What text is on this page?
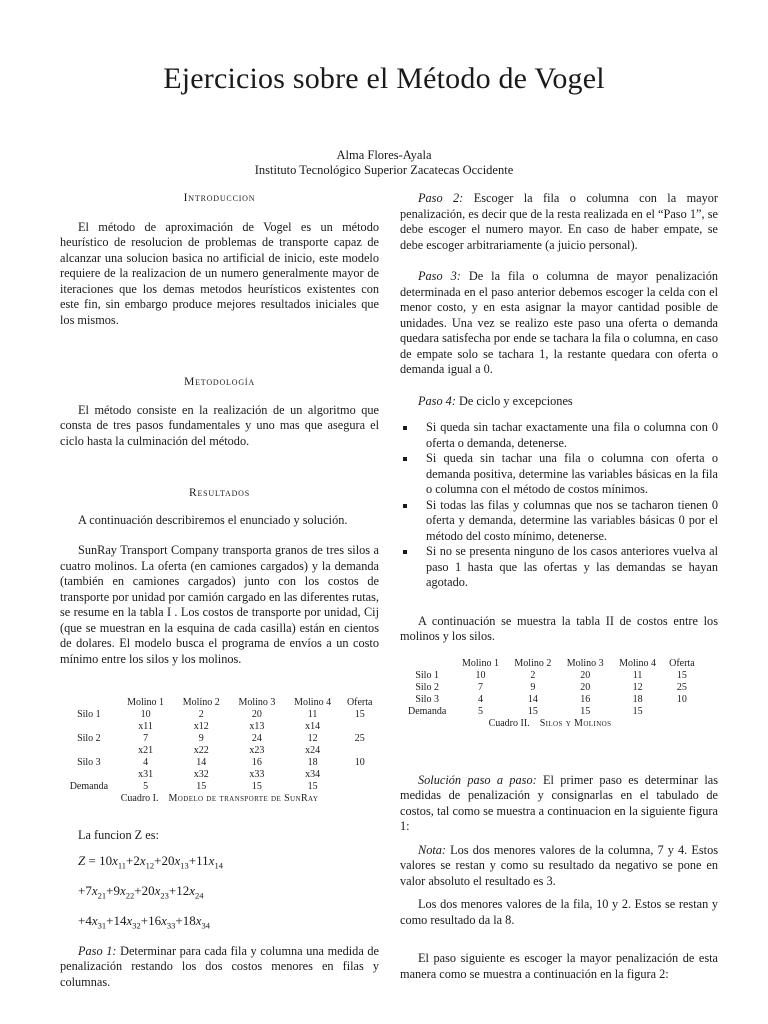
Ejercicios sobre el Método de Vogel
Alma Flores-Ayala
Instituto Tecnológico Superior Zacatecas Occidente
Introduccion

El método de aproximación de Vogel es un método heurístico de resolucion de problemas de transporte capaz de alcanzar una solucion basica no artificial de inicio, este modelo requiere de la realizacion de un numero generalmente mayor de iteraciones que los demas metodos heurísticos existentes con este fin, sin embargo produce mejores resultados iniciales que los mismos.

Metodología

El método consiste en la realización de un algoritmo que consta de tres pasos fundamentales y uno mas que asegura el ciclo hasta la culminación del método.

Resultados

A continuación describiremos el enunciado y solución.

SunRay Transport Company transporta granos de tres silos a cuatro molinos. La oferta (en camiones cargados) y la demanda (también en camiones cargados) junto con los costos de transporte por unidad por camión cargado en las diferentes rutas, se resume en la tabla I . Los costos de transporte por unidad, Cij (que se muestran en la esquina de cada casilla) están en cientos de dolares. El modelo busca el programa de envíos a un costo mínimo entre los silos y los molinos.

	Molino 1	Molino 2	Molino 3	Molino 4	Oferta
Silo 1	10	2	20	11	15
	x11	x12	x13	x14	
Silo 2	7	9	24	12	25
	x21	x22	x23	x24	
Silo 3	4	14	16	18	10
	x31	x32	x33	x34	
Demanda	5	15	15	15	
Cuadro I. Modelo de transporte de SunRay

La funcion Z es:

$Z = 10x_{11}+2x_{12}+20x_{13}+11x_{14}$
$+7x_{21}+9x_{22}+20x_{23}+12x_{24}$
$+4x_{31}+14x_{32}+16x_{33}+18x_{34}$

Paso 1: Determinar para cada fila y columna una medida de penalización restando los dos costos menores en filas y columnas.

Paso 2: Escoger la fila o columna con la mayor penalización, es decir que de la resta realizada en el “Paso 1”, se debe escoger el numero mayor. En caso de haber empate, se debe escoger arbitrariamente (a juicio personal).

Paso 3: De la fila o columna de mayor penalización determinada en el paso anterior debemos escoger la celda con el menor costo, y en esta asignar la mayor cantidad posible de unidades. Una vez se realizo este paso una oferta o demanda quedara satisfecha por ende se tachara la fila o columna, en caso de empate solo se tachara 1, la restante quedara con oferta o demanda igual a 0.

Paso 4: De ciclo y excepciones

Si queda sin tachar exactamente una fila o columna con 0 oferta o demanda, detenerse.
Si queda sin tachar una fila o columna con oferta o demanda positiva, determine las variables básicas en la fila o columna con el método de costos mínimos.
Si todas las filas y columnas que nos se tacharon tienen 0 oferta y demanda, determine las variables básicas 0 por el método del costo mínimo, detenerse.
Si no se presenta ninguno de los casos anteriores vuelva al paso 1 hasta que las ofertas y las demandas se hayan agotado.

A continuación se muestra la tabla II de costos entre los molinos y los silos.

	Molino 1	Molino 2	Molino 3	Molino 4	Oferta
Silo 1	10	2	20	11	15
Silo 2	7	9	20	12	25
Silo 3	4	14	16	18	10
Demanda	5	15	15	15	
Cuadro II. Silos y Molinos

Solución paso a paso: El primer paso es determinar las medidas de penalización y consignarlas en el tabulado de costos, tal como se muestra a continuacion en la siguiente figura 1:

Nota: Los dos menores valores de la columna, 7 y 4. Estos valores se restan y como su resultado da negativo se pone en valor absoluto el resultado es 3.

Los dos menores valores de la fila, 10 y 2. Estos se restan y como resultado da la 8.

El paso siguiente es escoger la mayor penalización de esta manera como se muestra a continuación en la figura 2:
